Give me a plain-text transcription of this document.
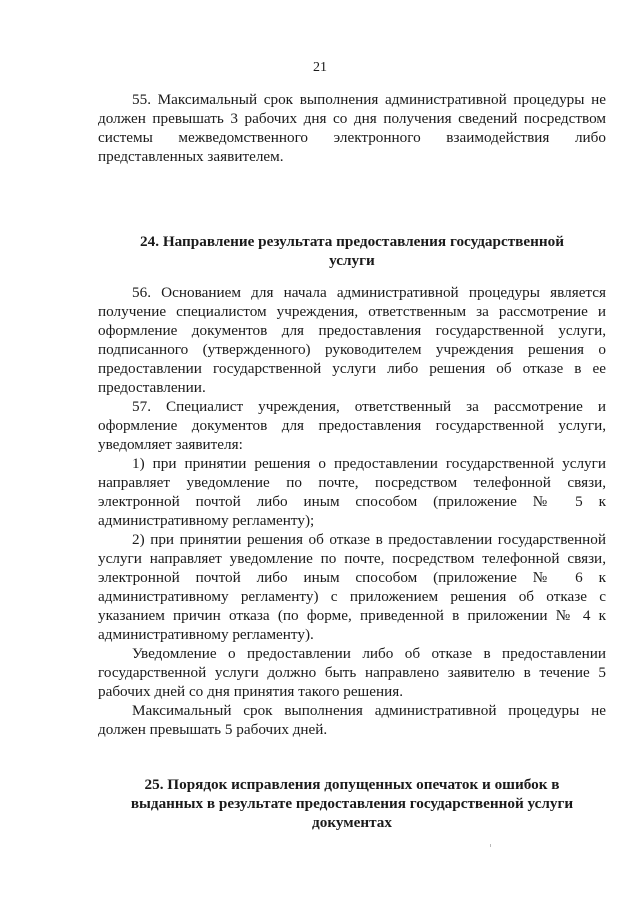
21

55. Максимальный срок выполнения административной процедуры не должен превышать 3 рабочих дня со дня получения сведений посредством системы межведомственного электронного взаимодействия либо представленных заявителем.

24. Направление результата предоставления государственной
услуги

56. Основанием для начала административной процедуры является получение специалистом учреждения, ответственным за рассмотрение и оформление документов для предоставления государственной услуги, подписанного (утвержденного) руководителем учреждения решения о предоставлении государственной услуги либо решения об отказе в ее предоставлении.

57. Специалист учреждения, ответственный за рассмотрение и оформление документов для предоставления государственной услуги, уведомляет заявителя:

1) при принятии решения о предоставлении государственной услуги направляет уведомление по почте, посредством телефонной связи, электронной почтой либо иным способом (приложение № 5 к административному регламенту);

2) при принятии решения об отказе в предоставлении государственной услуги направляет уведомление по почте, посредством телефонной связи, электронной почтой либо иным способом (приложение № 6 к административному регламенту) с приложением решения об отказе с указанием причин отказа (по форме, приведенной в приложении № 4 к административному регламенту).

Уведомление о предоставлении либо об отказе в предоставлении государственной услуги должно быть направлено заявителю в течение 5 рабочих дней со дня принятия такого решения.

Максимальный срок выполнения административной процедуры не должен превышать 5 рабочих дней.

25. Порядок исправления допущенных опечаток и ошибок в
выданных в результате предоставления государственной услуги
документах
